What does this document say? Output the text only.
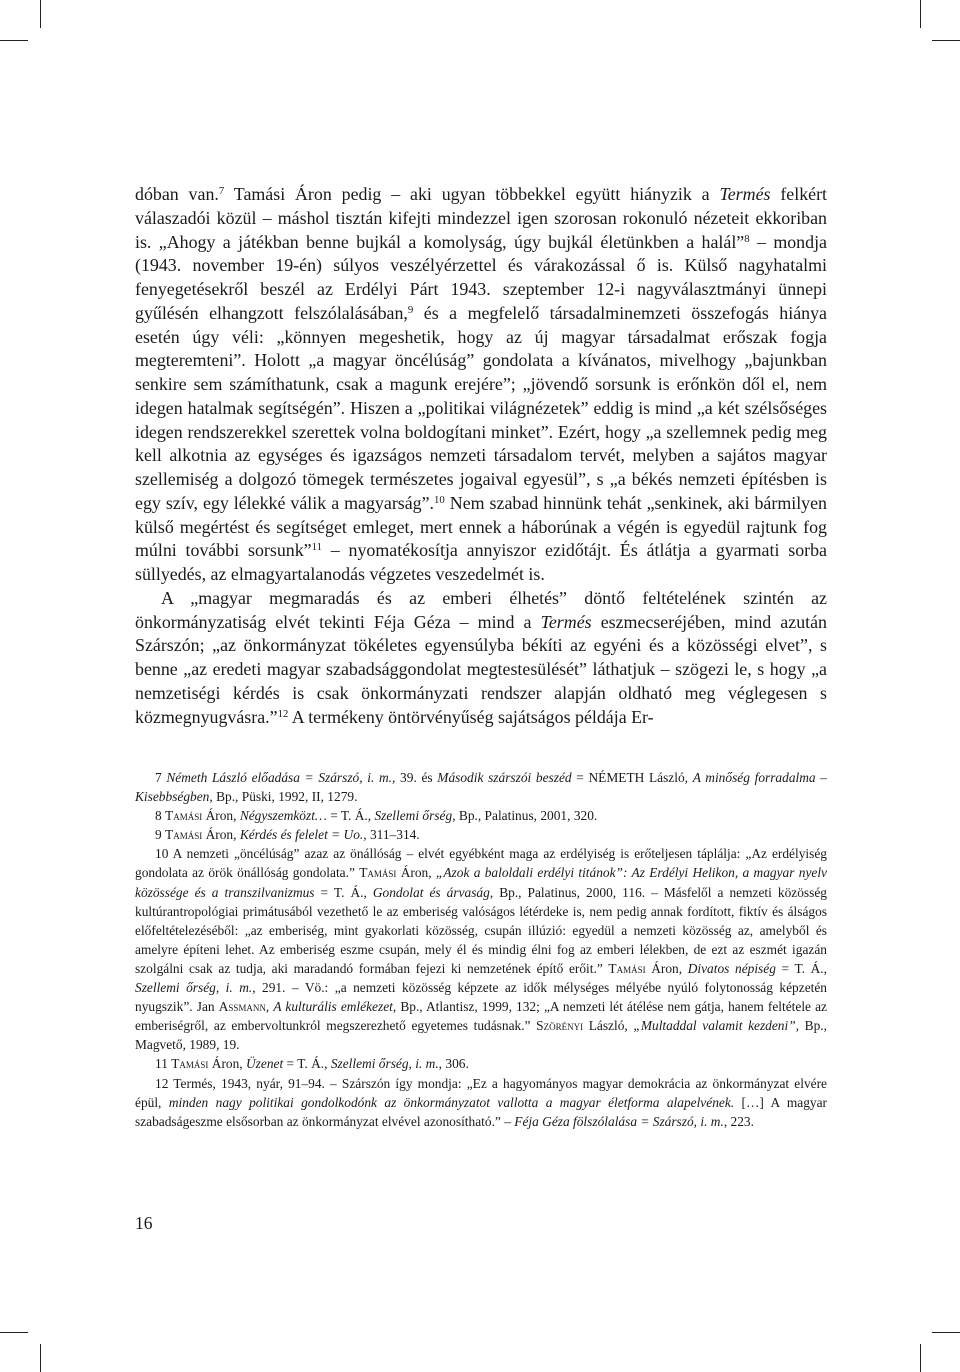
dóban van.$^7$ Tamási Áron pedig – aki ugyan többekkel együtt hiányzik a Termés felkért válaszadói közül – máshol tisztán kifejti mindezzel igen szorosan rokonuló nézeteit ekkoriban is. „Ahogy a játékban benne bujkál a komolyság, úgy bujkál életünkben a halál”$^8$ – mondja (1943. november 19-én) súlyos veszélyérzettel és várakozással ő is. Külső nagyhatalmi fenyegetésekről beszél az Erdélyi Párt 1943. szeptember 12-i nagyválasztmányi ünnepi gyűlésén elhangzott felszólalásában,$^9$ és a megfelelő társadalminemzeti összefogás hiánya esetén úgy véli: „könnyen megeshetik, hogy az új magyar társadalmat erőszak fogja megteremteni”. Holott „a magyar öncélúság” gondolata a kívánatos, mivelhogy „bajunkban senkire sem számíthatunk, csak a magunk erejére”; „jövendő sorsunk is erőnkön dől el, nem idegen hatalmak segítségén”. Hiszen a „politikai világnézetek” eddig is mind „a két szélsőséges idegen rendszerekkel szerettek volna boldogítani minket”. Ezért, hogy „a szellemnek pedig meg kell alkotnia az egységes és igazságos nemzeti társadalom tervét, melyben a sajátos magyar szellemiség a dolgozó tömegek természetes jogaival egyesül”, s „a békés nemzeti építésben is egy szív, egy lélekké válik a magyarság”.$^{10}$ Nem szabad hinnünk tehát „senkinek, aki bármilyen külső megértést és segítséget emleget, mert ennek a háborúnak a végén is egyedül rajtunk fog múlni további sorsunk”$^{11}$ – nyomatékosítja annyiszor ezidőtájt. És átlátja a gyarmati sorba süllyedés, az elmagyartalanodás végzetes veszedelmét is.

A „magyar megmaradás és az emberi élhetés” döntő feltételének szintén az önkormányzatiság elvét tekinti Féja Géza – mind a Termés eszmecseréjében, mind azután Szárszón; „az önkormányzat tökéletes egyensúlyba békíti az egyéni és a közösségi elvet”, s benne „az eredeti magyar szabadsággondolat megtestesülését” láthatjuk – szögezi le, s hogy „a nemzetiségi kérdés is csak önkormányzati rendszer alapján oldható meg véglegesen s közmegnyugvásra.”$^{12}$ A termékeny öntörvényűség sajátságos példája Er-

7 Németh László előadása = Szárszó, i. m., 39. és Második szárszói beszéd = NÉMETH László, A minőség forradalma – Kisebbségben, Bp., Püski, 1992, II, 1279.

8 Tamási Áron, Négyszemközt… = T. Á., Szellemi őrség, Bp., Palatinus, 2001, 320.

9 Tamási Áron, Kérdés és felelet = Uo., 311–314.

10 A nemzeti „öncélúság” azaz az önállóság – elvét egyébként maga az erdélyiség is erőteljesen táplálja: „Az erdélyiség gondolata az örök önállóság gondolata.” Tamási Áron, „Azok a baloldali erdélyi titánok”: Az Erdélyi Helikon, a magyar nyelv közössége és a transzilvanizmus = T. Á., Gondolat és árvaság, Bp., Palatinus, 2000, 116. – Másfelől a nemzeti közösség kultúrantropológiai primátusából vezethető le az emberiség valóságos létérdeke is, nem pedig annak fordított, fiktív és álságos előfeltételezéséből: „az emberiség, mint gyakorlati közösség, csupán illúzió: egyedül a nemzeti közösség az, amelyből és amelyre építeni lehet. Az emberiség eszme csupán, mely él és mindig élni fog az emberi lélekben, de ezt az eszmét igazán szolgálni csak az tudja, aki maradandó formában fejezi ki nemzetének építő erőit.” Tamási Áron, Divatos népiség = T. Á., Szellemi őrség, i. m., 291. – Vö.: „a nemzeti közösség képzete az idők mélységes mélyébe nyúló folytonosság képzetén nyugszik”. Jan Assmann, A kulturális emlékezet, Bp., Atlantisz, 1999, 132; „A nemzeti lét átélése nem gátja, hanem feltétele az emberiségről, az embervoltunkról megszerezhető egyetemes tudásnak.” Szörényi László, „Multaddal valamit kezdeni”, Bp., Magvető, 1989, 19.

11 Tamási Áron, Üzenet = T. Á., Szellemi őrség, i. m., 306.

12 Termés, 1943, nyár, 91–94. – Szárszón így mondja: „Ez a hagyományos magyar demokrácia az önkormányzat elvére épül, minden nagy politikai gondolkodónk az önkormányzatot vallotta a magyar életforma alapelvének. […] A magyar szabadságeszme elsősorban az önkormányzat elvével azonosítható.” – Féja Géza fölszólalása = Szárszó, i. m., 223.

16
